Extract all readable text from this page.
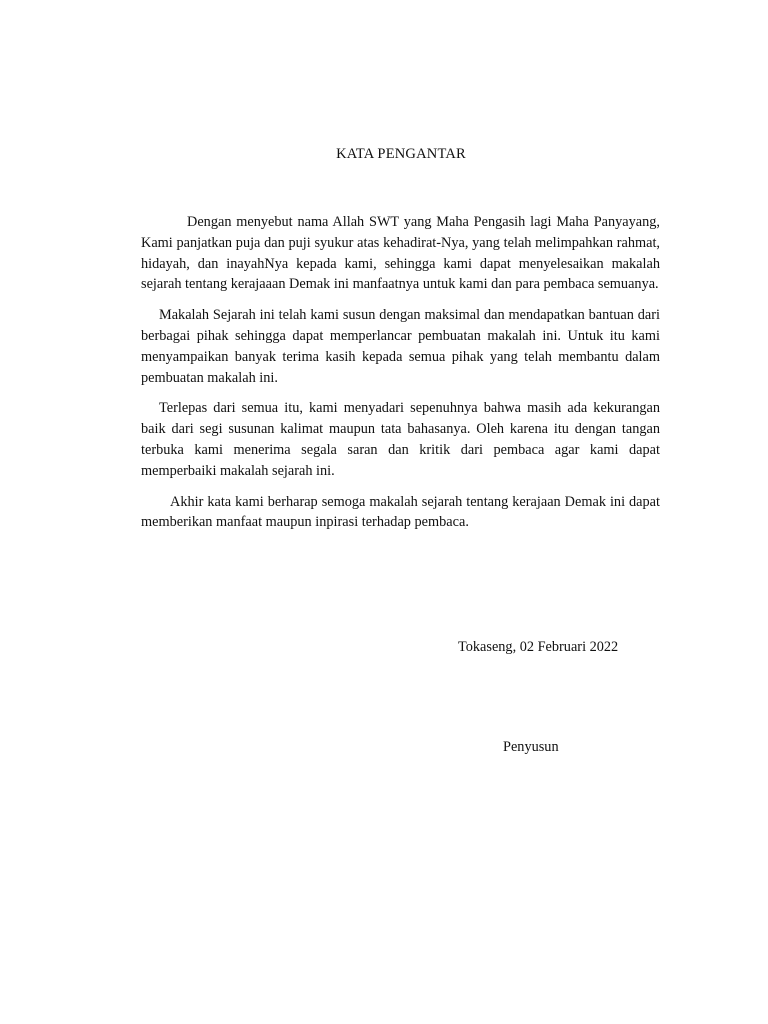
KATA PENGANTAR

Dengan menyebut nama Allah SWT yang Maha Pengasih lagi Maha Panyayang, Kami panjatkan puja dan puji syukur atas kehadirat-Nya, yang telah melimpahkan rahmat, hidayah, dan inayahNya kepada kami, sehingga kami dapat menyelesaikan makalah sejarah tentang kerajaaan Demak ini manfaatnya untuk kami dan para pembaca semuanya.

Makalah Sejarah ini telah kami susun dengan maksimal dan mendapatkan bantuan dari berbagai pihak sehingga dapat memperlancar pembuatan makalah ini. Untuk itu kami menyampaikan banyak terima kasih kepada semua pihak yang telah membantu dalam pembuatan makalah ini.

Terlepas dari semua itu, kami menyadari sepenuhnya bahwa masih ada kekurangan baik dari segi susunan kalimat maupun tata bahasanya. Oleh karena itu dengan tangan terbuka kami menerima segala saran dan kritik dari pembaca agar kami dapat memperbaiki makalah sejarah ini.

Akhir kata kami berharap semoga makalah sejarah tentang kerajaan Demak ini dapat memberikan manfaat maupun inpirasi terhadap pembaca.

Tokaseng, 02 Februari 2022
Penyusun
